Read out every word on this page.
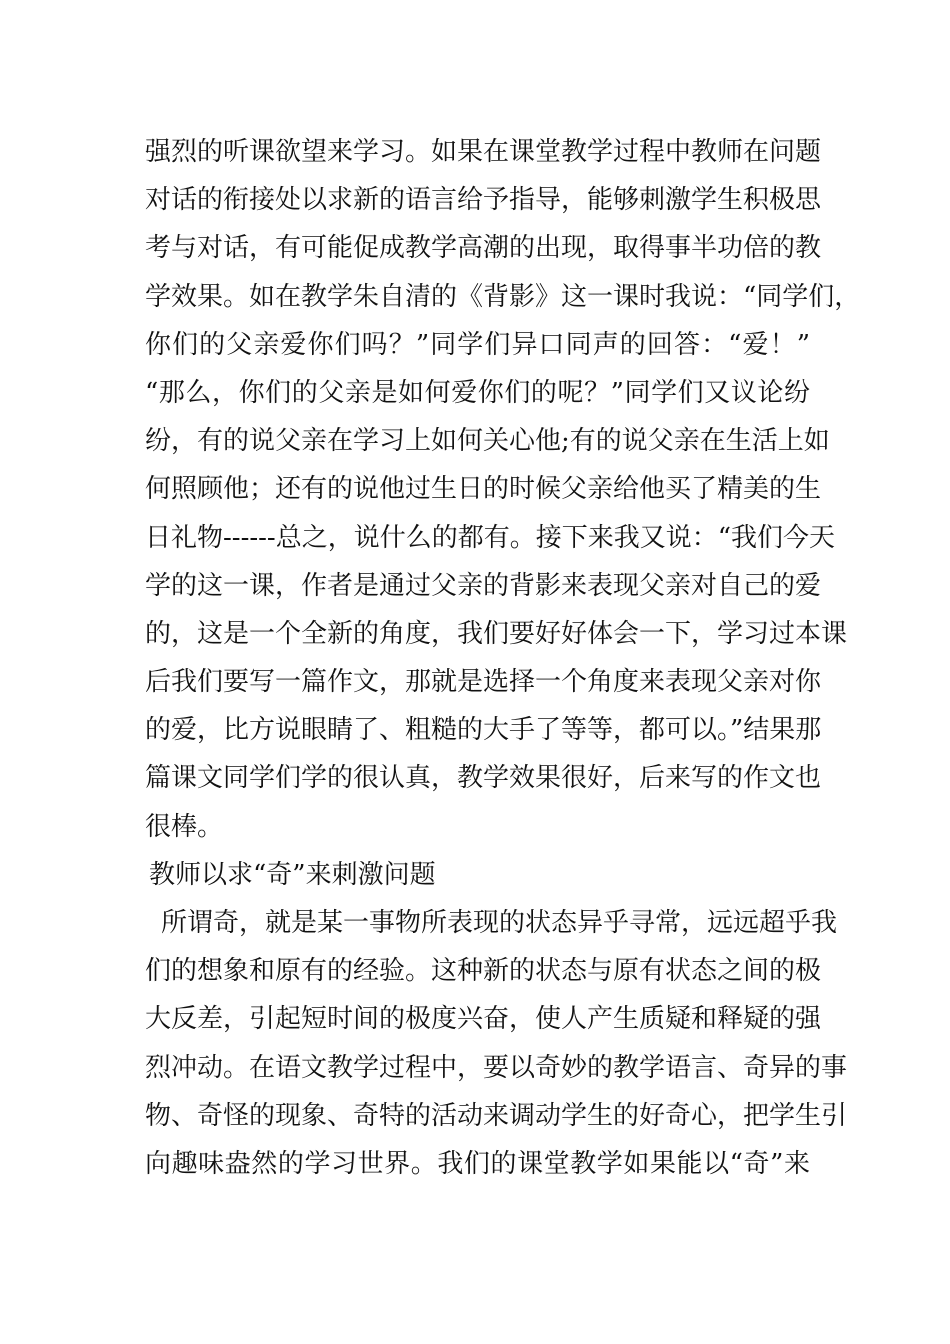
强烈的听课欲望来学习。如果在课堂教学过程中教师在问题
对话的衔接处以求新的语言给予指导，能够刺激学生积极思
考与对话，有可能促成教学高潮的出现，取得事半功倍的教
学效果。如在教学朱自清的《背影》这一课时我说：“同学们，
你们的父亲爱你们吗？”同学们异口同声的回答：“爱！”
“那么，你们的父亲是如何爱你们的呢？”同学们又议论纷
纷，有的说父亲在学习上如何关心他;有的说父亲在生活上如
何照顾他；还有的说他过生日的时候父亲给他买了精美的生
日礼物------总之，说什么的都有。接下来我又说：“我们今天
学的这一课，作者是通过父亲的背影来表现父亲对自己的爱
的，这是一个全新的角度，我们要好好体会一下，学习过本课
后我们要写一篇作文，那就是选择一个角度来表现父亲对你
的爱，比方说眼睛了、粗糙的大手了等等，都可以。”结果那
篇课文同学们学的很认真，教学效果很好，后来写的作文也
很棒。
教师以求“奇”来刺激问题
所谓奇，就是某一事物所表现的状态异乎寻常，远远超乎我
们的想象和原有的经验。这种新的状态与原有状态之间的极
大反差，引起短时间的极度兴奋，使人产生质疑和释疑的强
烈冲动。在语文教学过程中，要以奇妙的教学语言、奇异的事
物、奇怪的现象、奇特的活动来调动学生的好奇心，把学生引
向趣味盎然的学习世界。我们的课堂教学如果能以“奇”来
